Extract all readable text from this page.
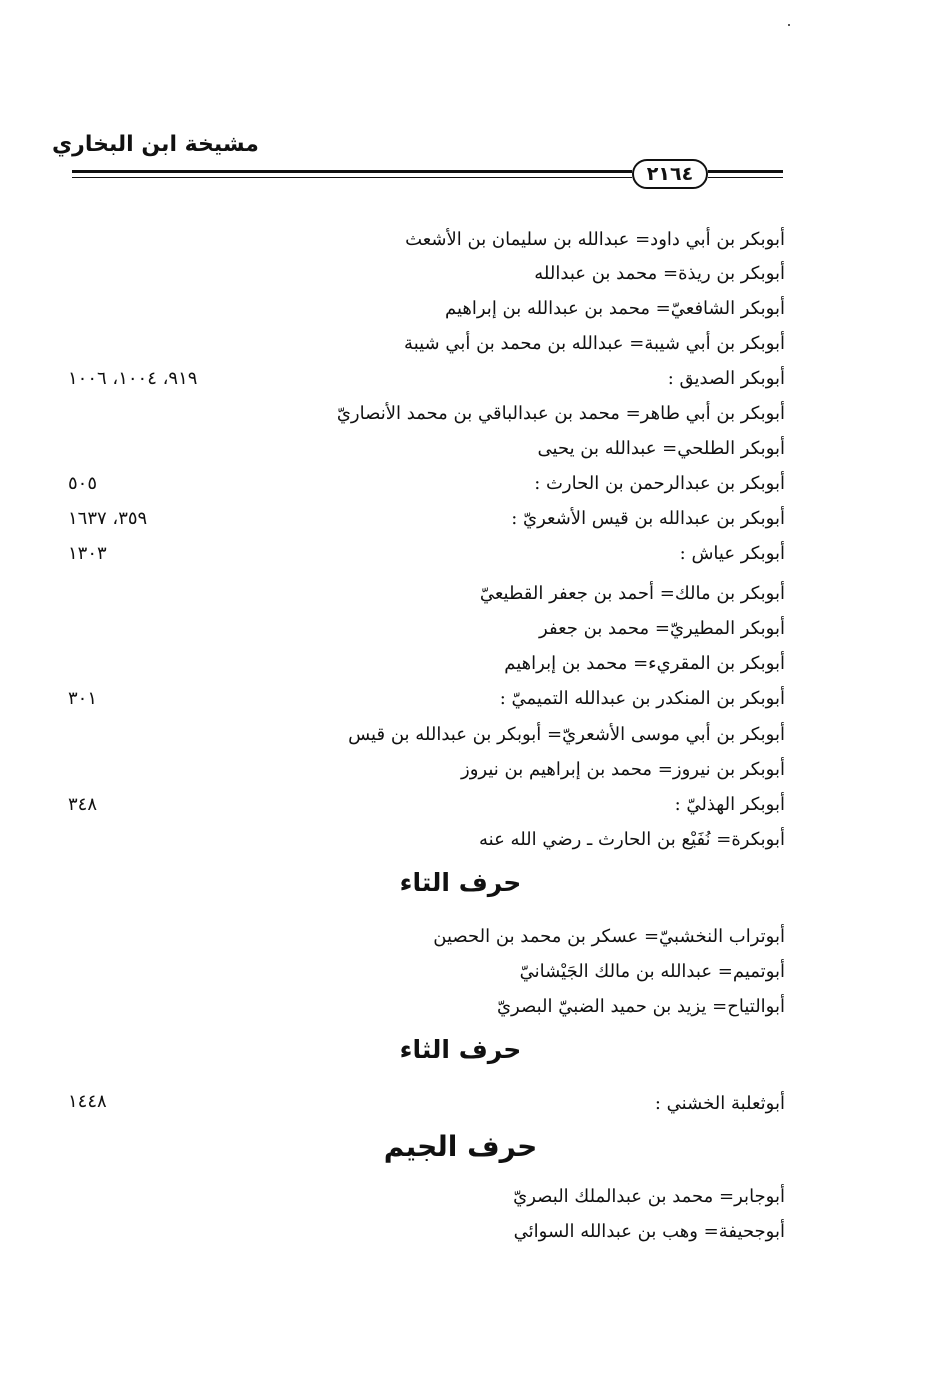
مشيخة ابن البخاري
٢١٦٤
أبوبكر بن أبي داود= عبدالله بن سليمان بن الأشعث
أبوبكر بن ريذة= محمد بن عبدالله
أبوبكر الشافعيّ= محمد بن عبدالله بن إبراهيم
أبوبكر بن أبي شيبة= عبدالله بن محمد بن أبي شيبة
أبوبكر الصديق :
٩١٩، ١٠٠٤، ١٠٠٦
أبوبكر بن أبي طاهر= محمد بن عبدالباقي بن محمد الأنصاريّ
أبوبكر الطلحي= عبدالله بن يحيى
أبوبكر بن عبدالرحمن بن الحارث :
٥٠٥
أبوبكر بن عبدالله بن قيس الأشعريّ :
٣٥٩، ١٦٣٧
أبوبكر عياش :
١٣٠٣
أبوبكر بن مالك= أحمد بن جعفر القطيعيّ
أبوبكر المطيريّ= محمد بن جعفر
أبوبكر بن المقريء= محمد بن إبراهيم
أبوبكر بن المنكدر بن عبدالله التميميّ :
٣٠١
أبوبكر بن أبي موسى الأشعريّ= أبوبكر بن عبدالله بن قيس
أبوبكر بن نيروز= محمد بن إبراهيم بن نيروز
أبوبكر الهذليّ :
٣٤٨
أبوبكرة= نُفَيْع بن الحارث ـ رضي الله عنه
حرف التاء
أبوتراب النخشبيّ= عسكر بن محمد بن الحصين
أبوتميم= عبدالله بن مالك الجَيْشانيّ
أبوالتياح= يزيد بن حميد الضبيّ البصريّ
حرف الثاء
أبوثعلبة الخشني :
١٤٤٨
حرف الجيم
أبوجابر= محمد بن عبدالملك البصريّ
أبوجحيفة= وهب بن عبدالله السوائي
